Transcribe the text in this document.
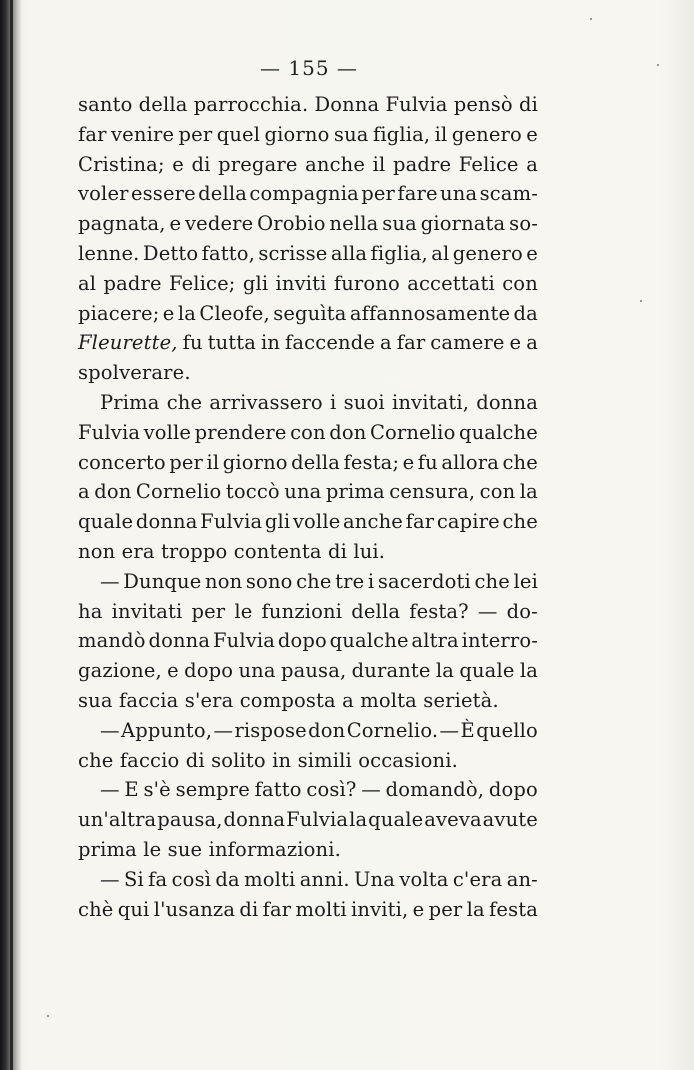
— 155 —
santo della parrocchia. Donna Fulvia pensò di
far venire per quel giorno sua figlia, il genero e
Cristina; e di pregare anche il padre Felice a
voler essere della compagnia per fare una scam-
pagnata, e vedere Orobio nella sua giornata so-
lenne. Detto fatto, scrisse alla figlia, al genero e
al padre Felice; gli inviti furono accettati con
piacere; e la Cleofe, seguìta affannosamente da
Fleurette, fu tutta in faccende a far camere e a
spolverare.
Prima che arrivassero i suoi invitati, donna
Fulvia volle prendere con don Cornelio qualche
concerto per il giorno della festa; e fu allora che
a don Cornelio toccò una prima censura, con la
quale donna Fulvia gli volle anche far capire che
non era troppo contenta di lui.
— Dunque non sono che tre i sacerdoti che lei
ha invitati per le funzioni della festa? — do-
mandò donna Fulvia dopo qualche altra interro-
gazione, e dopo una pausa, durante la quale la
sua faccia s'era composta a molta serietà.
— Appunto, — rispose don Cornelio. — È quello
che faccio di solito in simili occasioni.
— E s'è sempre fatto così? — domandò, dopo
un'altra pausa, donna Fulvia la quale aveva avute
prima le sue informazioni.
— Si fa così da molti anni. Una volta c'era an-
chè qui l'usanza di far molti inviti, e per la festa
